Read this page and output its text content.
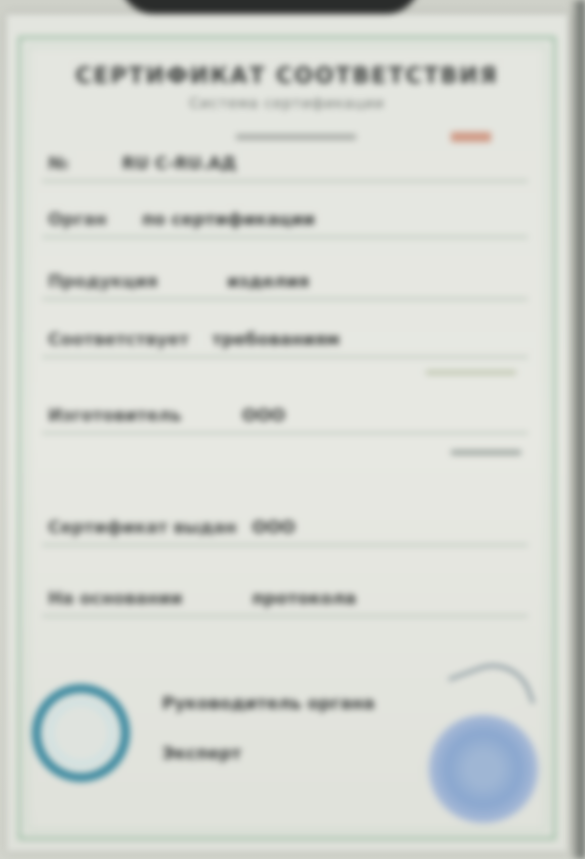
СЕРТИФИКАТ СООТВЕТСТВИЯ
Система сертификации
№	RU C-RU.АД
Орган по сертификации
Продукция	изделия
Соответствует требованиям
Изготовитель	ООО
Сертификат выдан ООО
На основании	протокола
Руководитель органа
Эксперт
